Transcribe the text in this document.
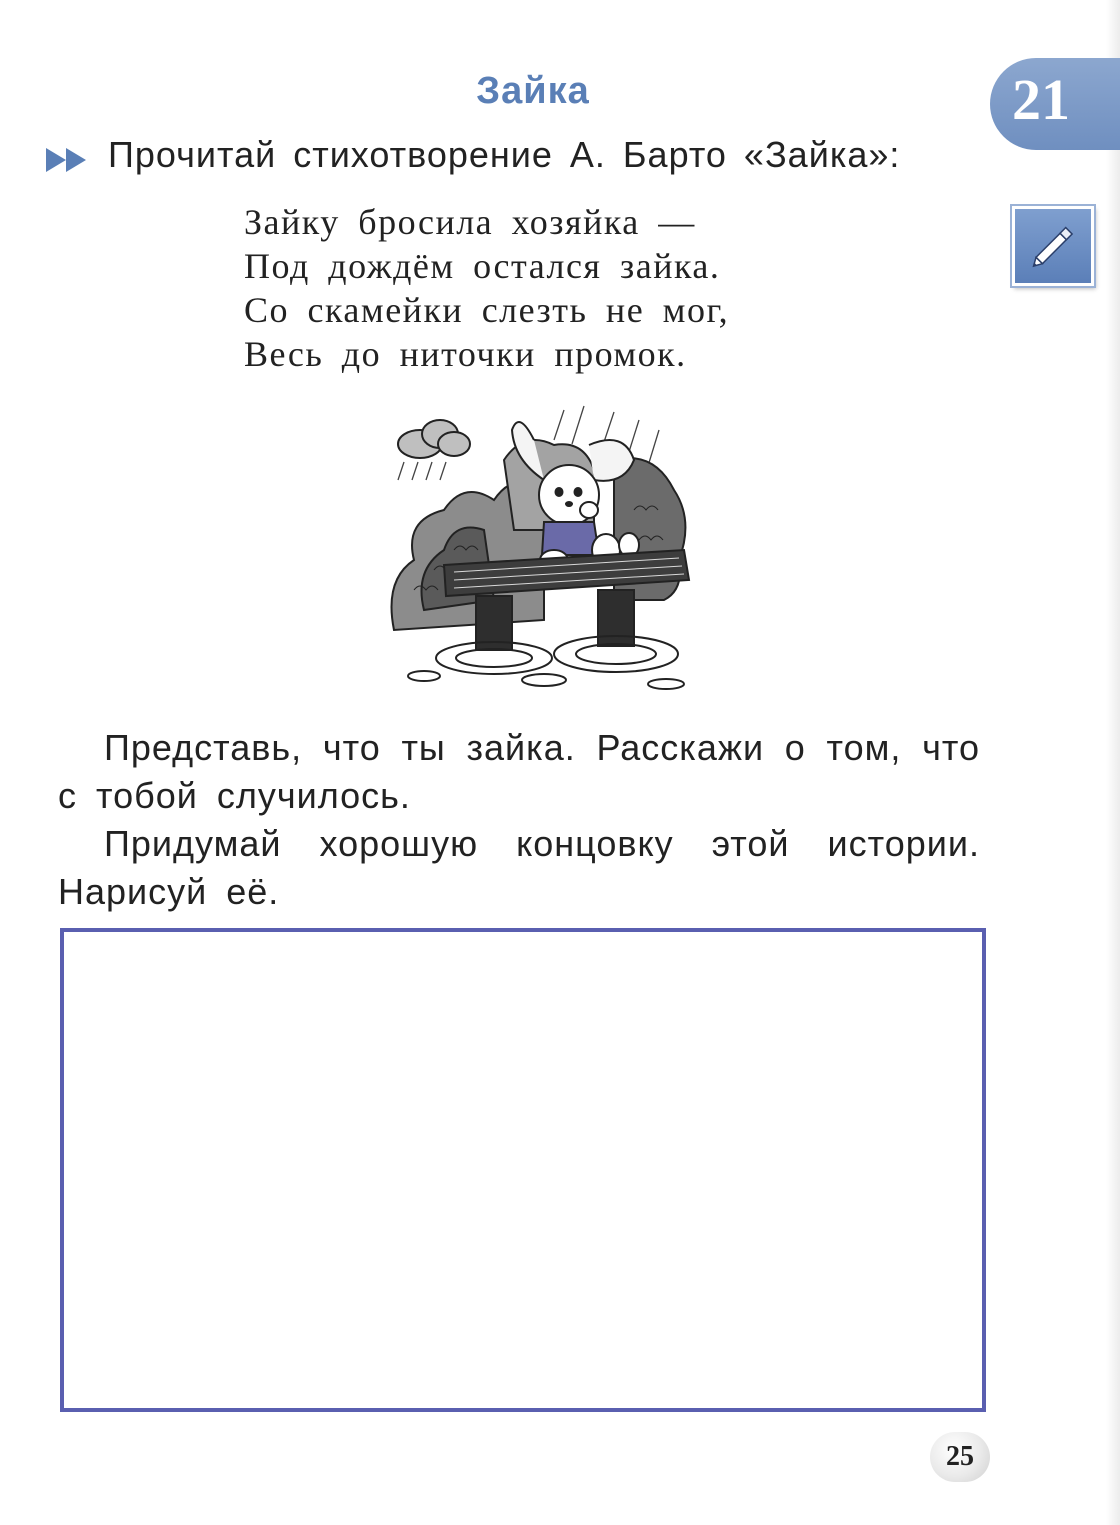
Зайка	21
Прочитай стихотворение А. Барто «Зайка»:
Зайку бросила хозяйка —
Под дождём остался зайка.
Со скамейки слезть не мог,
Весь до ниточки промок.

Представь, что ты зайка. Расскажи о том, что с тобой случилось.

Придумай хорошую концовку этой истории. Нарисуй её.

25
